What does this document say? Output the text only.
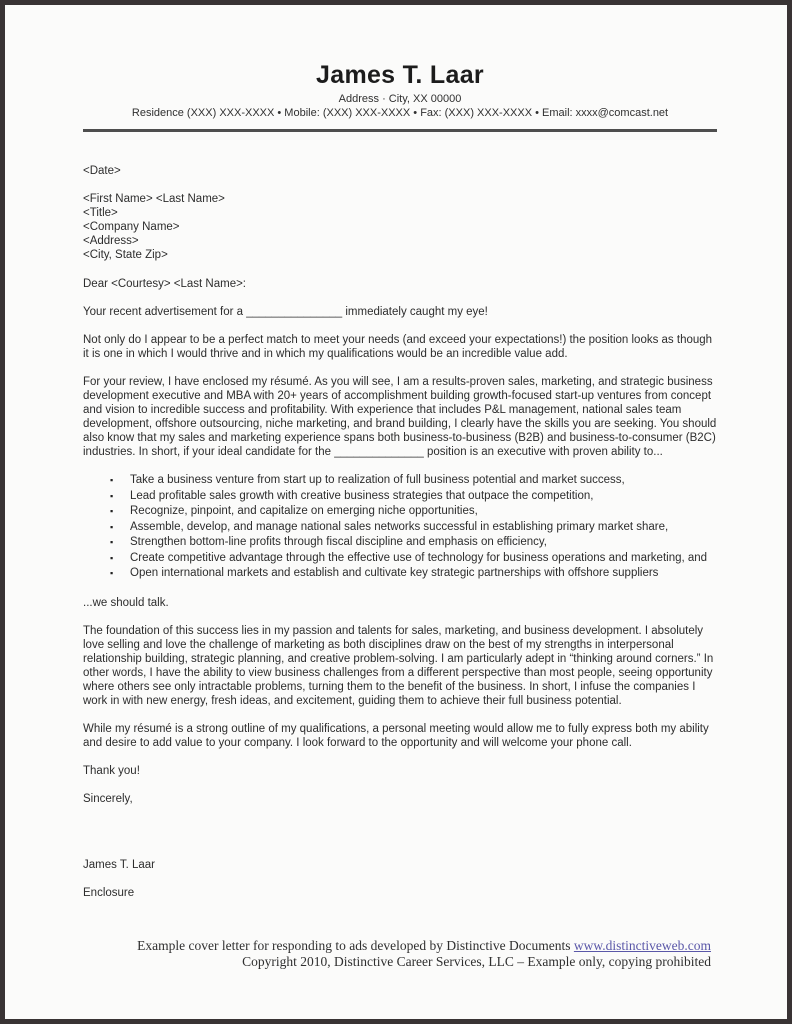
James T. Laar
Address · City, XX 00000
Residence (XXX) XXX-XXXX • Mobile: (XXX) XXX-XXXX • Fax: (XXX) XXX-XXXX • Email: xxxx@comcast.net
<Date>
<First Name> <Last Name>
<Title>
<Company Name>
<Address>
<City, State Zip>
Dear <Courtesy> <Last Name>:

Your recent advertisement for a _______________ immediately caught my eye!

Not only do I appear to be a perfect match to meet your needs (and exceed your expectations!) the position looks as though it is one in which I would thrive and in which my qualifications would be an incredible value add.

For your review, I have enclosed my résumé. As you will see, I am a results-proven sales, marketing, and strategic business development executive and MBA with 20+ years of accomplishment building growth-focused start-up ventures from concept and vision to incredible success and profitability. With experience that includes P&L management, national sales team development, offshore outsourcing, niche marketing, and brand building, I clearly have the skills you are seeking. You should also know that my sales and marketing experience spans both business-to-business (B2B) and business-to-consumer (B2C) industries. In short, if your ideal candidate for the ______________ position is an executive with proven ability to...

▪ Take a business venture from start up to realization of full business potential and market success,
▪ Lead profitable sales growth with creative business strategies that outpace the competition,
▪ Recognize, pinpoint, and capitalize on emerging niche opportunities,
▪ Assemble, develop, and manage national sales networks successful in establishing primary market share,
▪ Strengthen bottom-line profits through fiscal discipline and emphasis on efficiency,
▪ Create competitive advantage through the effective use of technology for business operations and marketing, and
▪ Open international markets and establish and cultivate key strategic partnerships with offshore suppliers

...we should talk.

The foundation of this success lies in my passion and talents for sales, marketing, and business development. I absolutely love selling and love the challenge of marketing as both disciplines draw on the best of my strengths in interpersonal relationship building, strategic planning, and creative problem-solving. I am particularly adept in “thinking around corners.” In other words, I have the ability to view business challenges from a different perspective than most people, seeing opportunity where others see only intractable problems, turning them to the benefit of the business. In short, I infuse the companies I work in with new energy, fresh ideas, and excitement, guiding them to achieve their full business potential.

While my résumé is a strong outline of my qualifications, a personal meeting would allow me to fully express both my ability and desire to add value to your company. I look forward to the opportunity and will welcome your phone call.

Thank you!

Sincerely,

James T. Laar

Enclosure

Example cover letter for responding to ads developed by Distinctive Documents www.distinctiveweb.com
Copyright 2010, Distinctive Career Services, LLC – Example only, copying prohibited
